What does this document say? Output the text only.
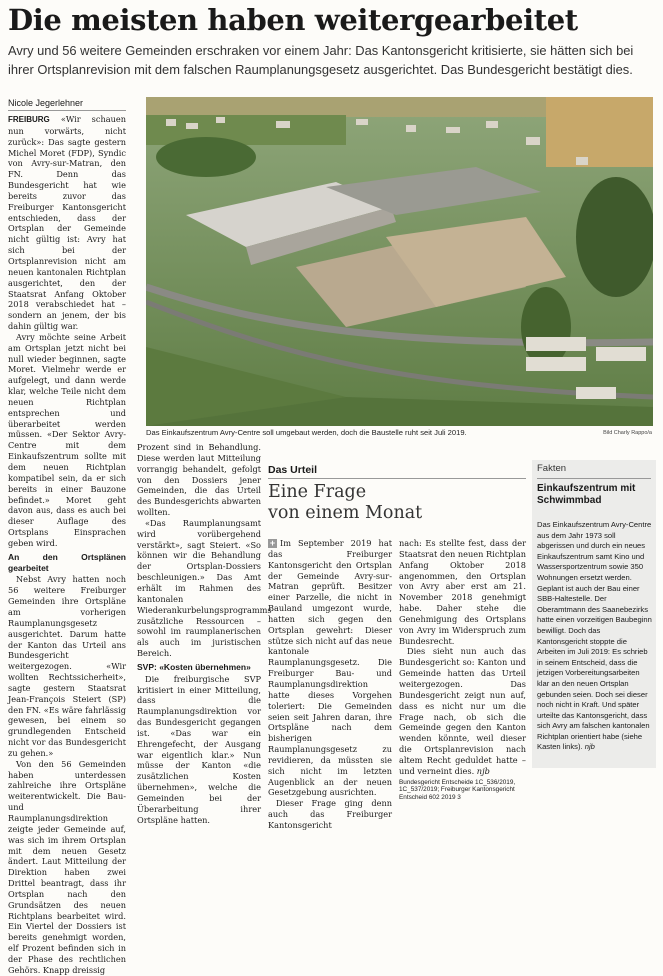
Die meisten haben weitergearbeitet
Avry und 56 weitere Gemeinden erschraken vor einem Jahr: Das Kantonsgericht kritisierte, sie hätten sich bei ihrer Ortsplanrevision mit dem falschen Raumplanungsgesetz ausgerichtet. Das Bundesgericht bestätigt dies.
Nicole Jegerlehner

FREIBURG «Wir schauen nun vorwärts, nicht zurück»: Das sagte gestern Michel Moret (FDP), Syndic von Avry-sur-Matran, den FN. Denn das Bundesgericht hat wie bereits zuvor das Freiburger Kantonsgericht entschieden, dass der Ortsplan der Gemeinde nicht gültig ist: Avry hat sich bei der Ortsplanrevision nicht am neuen kantonalen Richtplan ausgerichtet, den der Staatsrat Anfang Oktober 2018 verabschiedet hat – sondern an jenem, der bis dahin gültig war.

Avry möchte seine Arbeit am Ortsplan jetzt nicht bei null wieder beginnen, sagte Moret. Vielmehr werde er aufgelegt, und dann werde klar, welche Teile nicht dem neuen Richtplan entsprechen und überarbeitet werden müssen. «Der Sektor Avry-Centre mit dem Einkaufszentrum sollte mit dem neuen Richtplan kompatibel sein, da er sich bereits in einer Bauzone befindet.» Moret geht davon aus, dass es auch bei dieser Auflage des Ortsplans Einsprachen geben wird.

An den Ortsplänen gearbeitet

Nebst Avry hatten noch 56 weitere Freiburger Gemeinden ihre Ortspläne am vorherigen Raumplanungsgesetz ausgerichtet. Darum hatte der Kanton das Urteil ans Bundesgericht weitergezogen. «Wir wollten Rechtssicherheit», sagte gestern Staatsrat Jean-François Steiert (SP) den FN. «Es wäre fahrlässig gewesen, bei einem so grundlegenden Entscheid nicht vor das Bundesgericht zu gehen.»

Von den 56 Gemeinden haben unterdessen zahlreiche ihre Ortspläne weiterentwickelt. Die Bau- und Raumplanungsdirektion zeigte jeder Gemeinde auf, was sich im ihrem Ortsplan mit dem neuen Gesetz ändert. Laut Mitteilung der Direktion haben zwei Drittel beantragt, dass ihr Ortsplan nach den Grundsätzen des neuen Richtplans bearbeitet wird. Ein Viertel der Dossiers ist bereits genehmigt worden, elf Prozent befinden sich in der Phase des rechtlichen Gehörs. Knapp dreissig

Das Einkaufszentrum Avry-Centre soll umgebaut werden, doch die Baustelle ruht seit Juli 2019.	Bild Charly Rappo/a

Prozent sind in Behandlung. Diese werden laut Mitteilung vorrangig behandelt, gefolgt von den Dossiers jener Gemeinden, die das Urteil des Bundesgerichts abwarten wollten.

«Das Raumplanungsamt wird vorübergehend verstärkt», sagt Steiert. «So können wir die Behandlung der Ortsplan-Dossiers beschleunigen.» Das Amt erhält im Rahmen des kantonalen Wiederankurbelungsprogramms zusätzliche Ressourcen – sowohl im raumplanerischen als auch im juristischen Bereich.

SVP: «Kosten übernehmen»

Die freiburgische SVP kritisiert in einer Mitteilung, dass die Raumplanungsdirektion vor das Bundesgericht gegangen ist. «Das war ein Ehrengefecht, der Ausgang war eigentlich klar.» Nun müsse der Kanton «die zusätzlichen Kosten übernehmen», welche die Gemeinden bei der Überarbeitung ihrer Ortspläne hatten.

Das Urteil
Eine Frage
von einem Monat

+ Im September 2019 hat das Freiburger Kantonsgericht den Ortsplan der Gemeinde Avry-sur-Matran geprüft. Besitzer einer Parzelle, die nicht in Bauland umgezont wurde, hatten sich gegen den Ortsplan gewehrt: Dieser stütze sich nicht auf das neue kantonale Raumplanungsgesetz. Die Freiburger Bau- und Raumplanungsdirektion hatte dieses Vorgehen toleriert: Die Gemeinden seien seit Jahren daran, ihre Ortspläne nach dem bisherigen Raumplanungsgesetz zu revidieren, da müssten sie sich nicht im letzten Augenblick an der neuen Gesetzgebung ausrichten.

Dieser Frage ging denn auch das Freiburger Kantonsgericht

nach: Es stellte fest, dass der Staatsrat den neuen Richtplan Anfang Oktober 2018 angenommen, den Ortsplan von Avry aber erst am 21. November 2018 genehmigt habe. Daher stehe die Genehmigung des Ortsplans von Avry im Widerspruch zum Bundesrecht.

Dies sieht nun auch das Bundesgericht so: Kanton und Gemeinde hatten das Urteil weitergezogen. Das Bundesgericht zeigt nun auf, dass es nicht nur um die Frage nach, ob sich die Gemeinde gegen den Kanton wenden könnte, weil dieser die Ortsplanrevision nach altem Recht geduldet hatte – und verneint dies. njb

Bundesgericht Entscheide 1C_536/2019, 1C_537/2019; Freiburger Kantonsgericht Entscheid 602 2019 3
Fakten
Einkaufszentrum mit Schwimmbad
Das Einkaufszentrum Avry-Centre aus dem Jahr 1973 soll abgerissen und durch ein neues Einkaufszentrum samt Kino und Wassersportzentrum sowie 350 Wohnungen ersetzt werden. Geplant ist auch der Bau einer SBB-Haltestelle. Der Oberamtmann des Saanebezirks hatte einen vorzeitigen Baubeginn bewilligt. Doch das Kantonsgericht stoppte die Arbeiten im Juli 2019: Es schrieb in seinem Entscheid, dass die jetzigen Vorbereitungsarbeiten klar an den neuen Ortsplan gebunden seien. Doch sei dieser noch nicht in Kraft. Und später urteilte das Kantonsgericht, dass sich Avry am falschen kantonalen Richtplan orientiert habe (siehe Kasten links). njb
